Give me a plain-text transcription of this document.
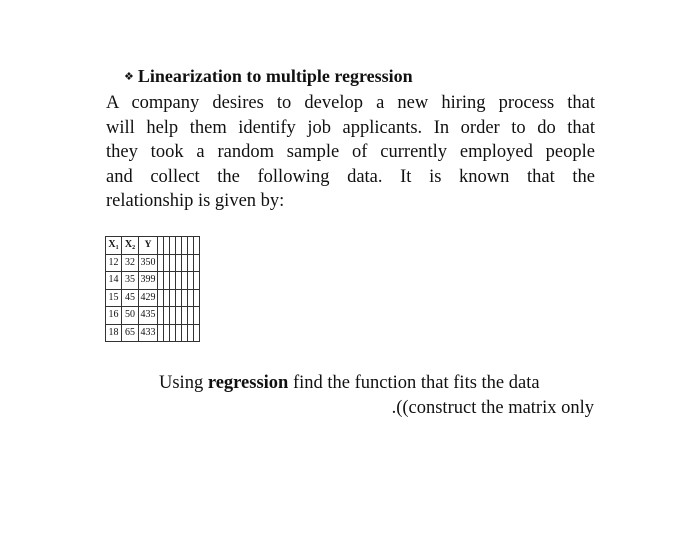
❖ Linearization to multiple regression
A company desires to develop a new hiring process that
will help them identify job applicants. In order to do that
they took a random sample of currently employed people
and collect the following data. It is known that the
relationship is given by:
$X_1$	$X_2$	Y							
12	32	350							
14	35	399							
15	45	429							
16	50	435							
18	65	433							
Using regression find the function that fits the data
.((construct the matrix only
